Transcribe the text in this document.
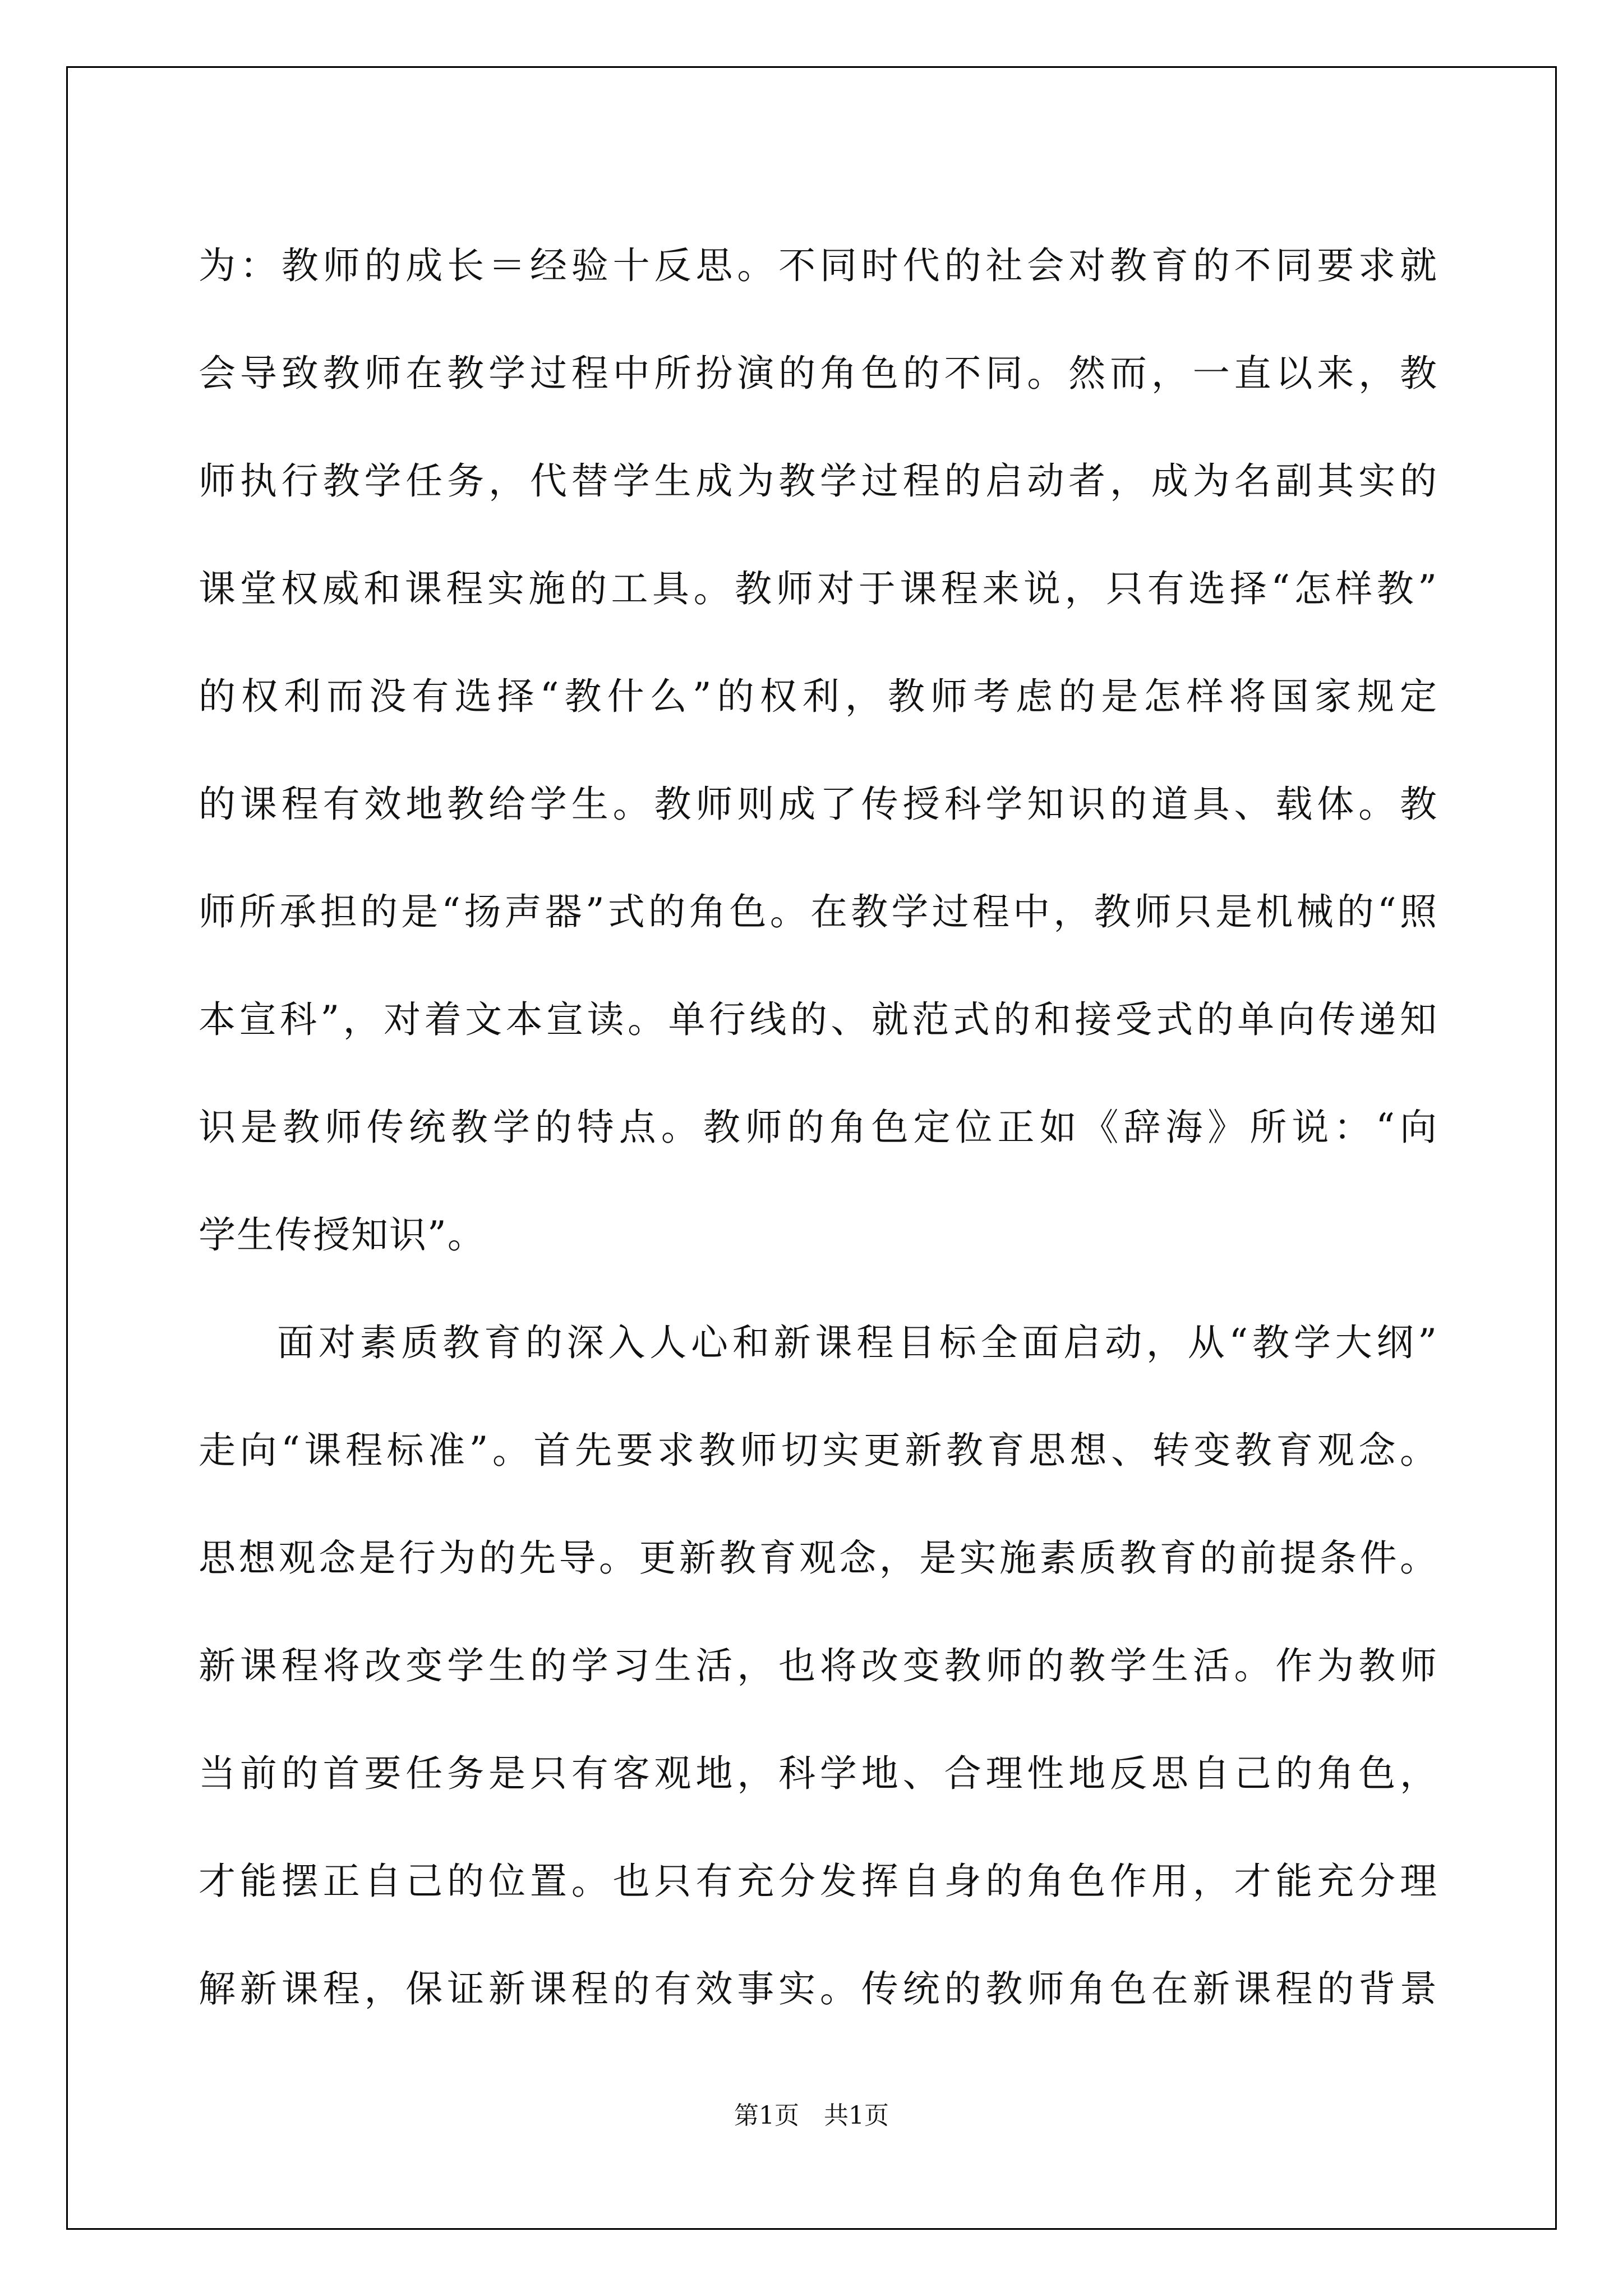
为：教师的成长＝经验十反思。不同时代的社会对教育的不同要求就
会导致教师在教学过程中所扮演的角色的不同。然而，一直以来，教
师执行教学任务，代替学生成为教学过程的启动者，成为名副其实的
课堂权威和课程实施的工具。教师对于课程来说，只有选择“怎样教”
的权利而没有选择“教什么”的权利，教师考虑的是怎样将国家规定
的课程有效地教给学生。教师则成了传授科学知识的道具、载体。教
师所承担的是“扬声器”式的角色。在教学过程中，教师只是机械的“照
本宣科”，对着文本宣读。单行线的、就范式的和接受式的单向传递知
识是教师传统教学的特点。教师的角色定位正如《辞海》所说：“向
学生传授知识”。
面对素质教育的深入人心和新课程目标全面启动，从“教学大纲”
走向“课程标准”。首先要求教师切实更新教育思想、转变教育观念。
思想观念是行为的先导。更新教育观念，是实施素质教育的前提条件。
新课程将改变学生的学习生活，也将改变教师的教学生活。作为教师
当前的首要任务是只有客观地，科学地、合理性地反思自己的角色，
才能摆正自己的位置。也只有充分发挥自身的角色作用，才能充分理
解新课程，保证新课程的有效事实。传统的教师角色在新课程的背景
第1页　共1页
